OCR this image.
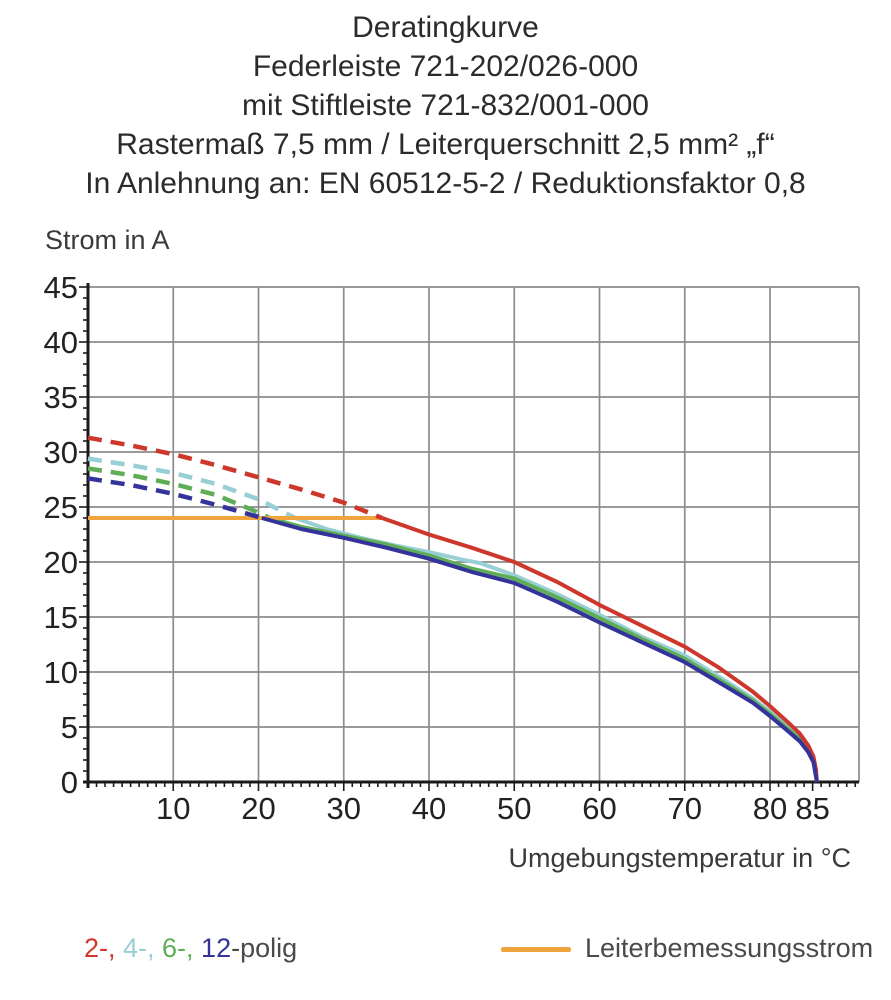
Deratingkurve
Federleiste 721-202/026-000
mit Stiftleiste 721-832/001-000
Rastermaß 7,5 mm / Leiterquerschnitt 2,5 mm² „f“
In Anlehnung an: EN 60512-5-2 / Reduktionsfaktor 0,8
Strom in A
10 20 30 40 50 60 70 80 85
0
5
10
15
20
25
30
35
40
45
Umgebungstemperatur in °C
2-, 4-, 6-, 12-polig	Leiterbemessungsstrom
